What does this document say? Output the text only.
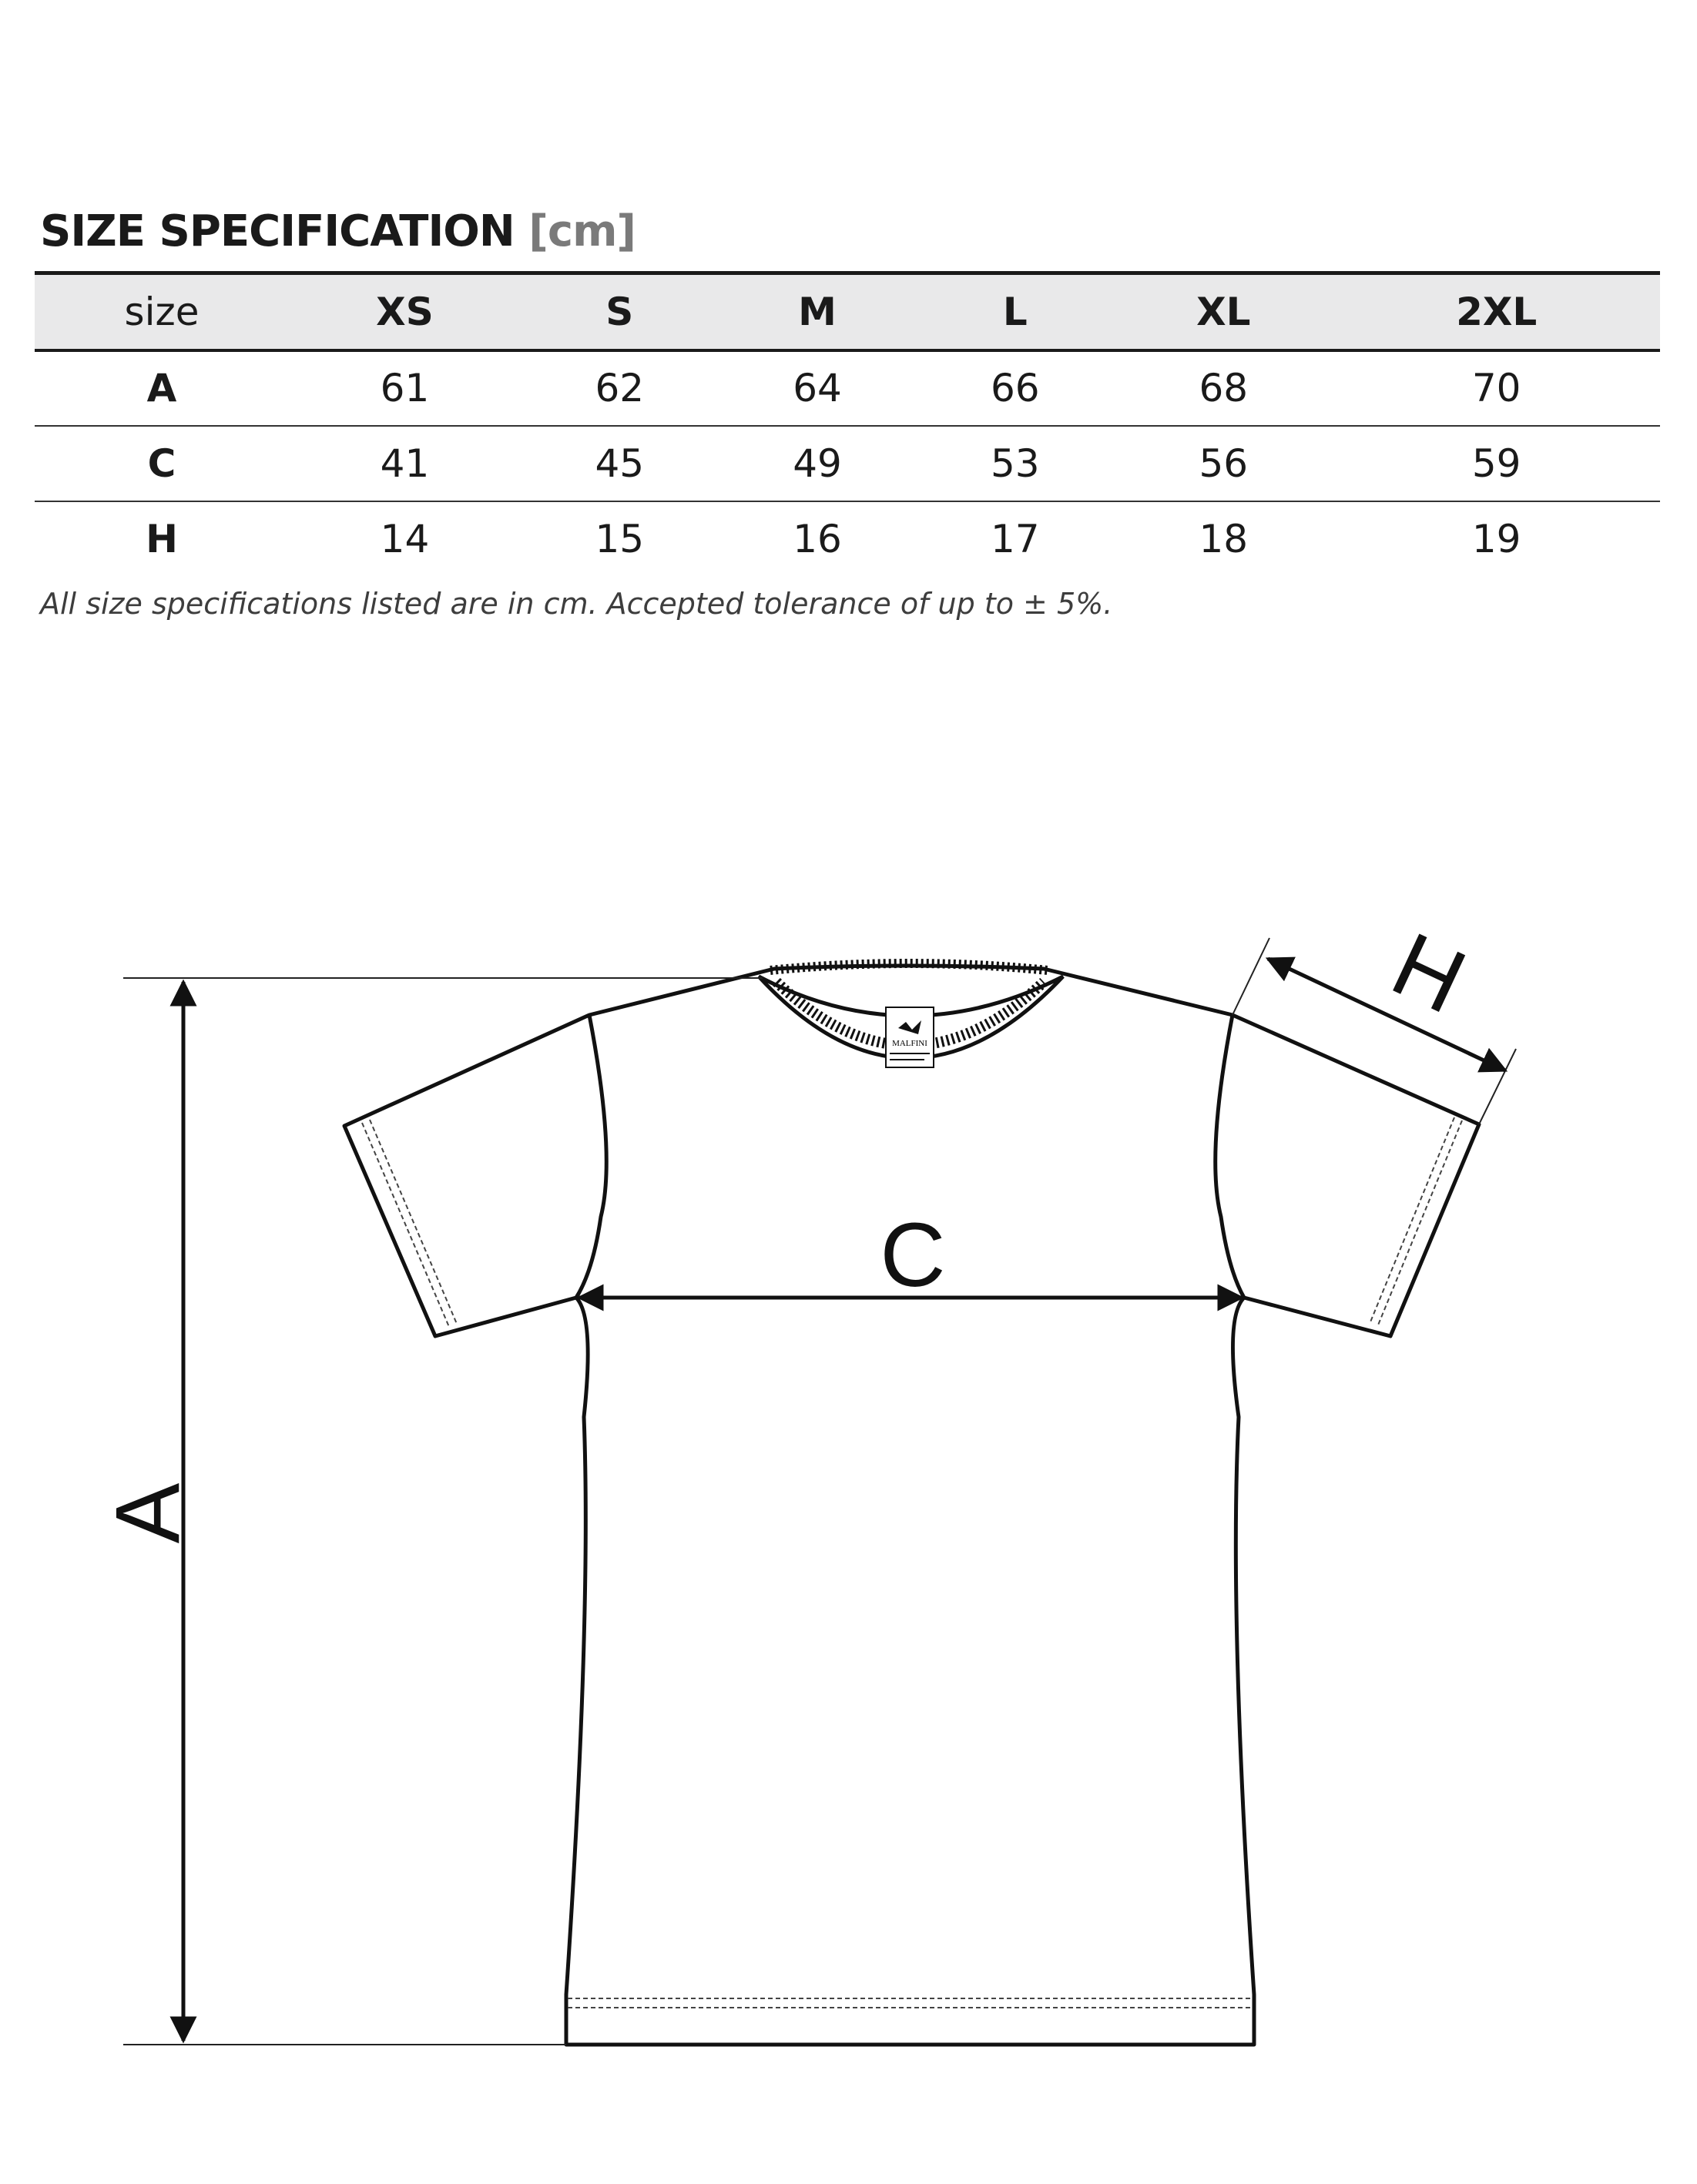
SIZE SPECIFICATION [cm]
size	XS	S	M	L	XL	2XL
A	61	62	64	66	68	70
C	41	45	49	53	56	59
H	14	15	16	17	18	19
All size specifications listed are in cm. Accepted tolerance of up to ± 5%.
MALFINI
A
C
H
